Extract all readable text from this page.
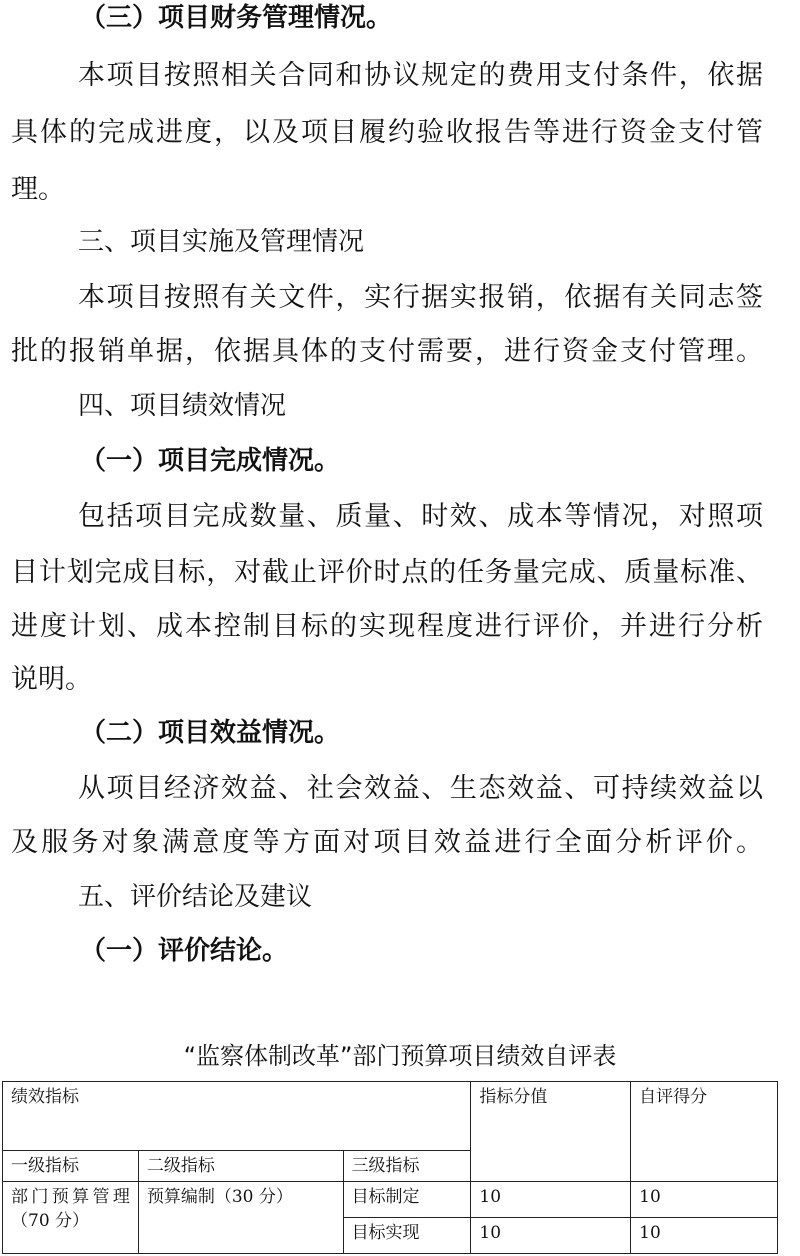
（三）项目财务管理情况。
本项目按照相关合同和协议规定的费用支付条件，依据
具体的完成进度，以及项目履约验收报告等进行资金支付管
理。
三、项目实施及管理情况
本项目按照有关文件，实行据实报销，依据有关同志签
批的报销单据，依据具体的支付需要，进行资金支付管理。
四、项目绩效情况
（一）项目完成情况。
包括项目完成数量、质量、时效、成本等情况，对照项
目计划完成目标，对截止评价时点的任务量完成、质量标准、
进度计划、成本控制目标的实现程度进行评价，并进行分析
说明。
（二）项目效益情况。
从项目经济效益、社会效益、生态效益、可持续效益以
及服务对象满意度等方面对项目效益进行全面分析评价。
五、评价结论及建议
（一）评价结论。
“监察体制改革”部门预算项目绩效自评表
绩效指标			指标分值	自评得分
一级指标	二级指标	三级指标		
部门预算管理（70 分）	预算编制（30 分）	目标制定	10	10
		目标实现	10	10
